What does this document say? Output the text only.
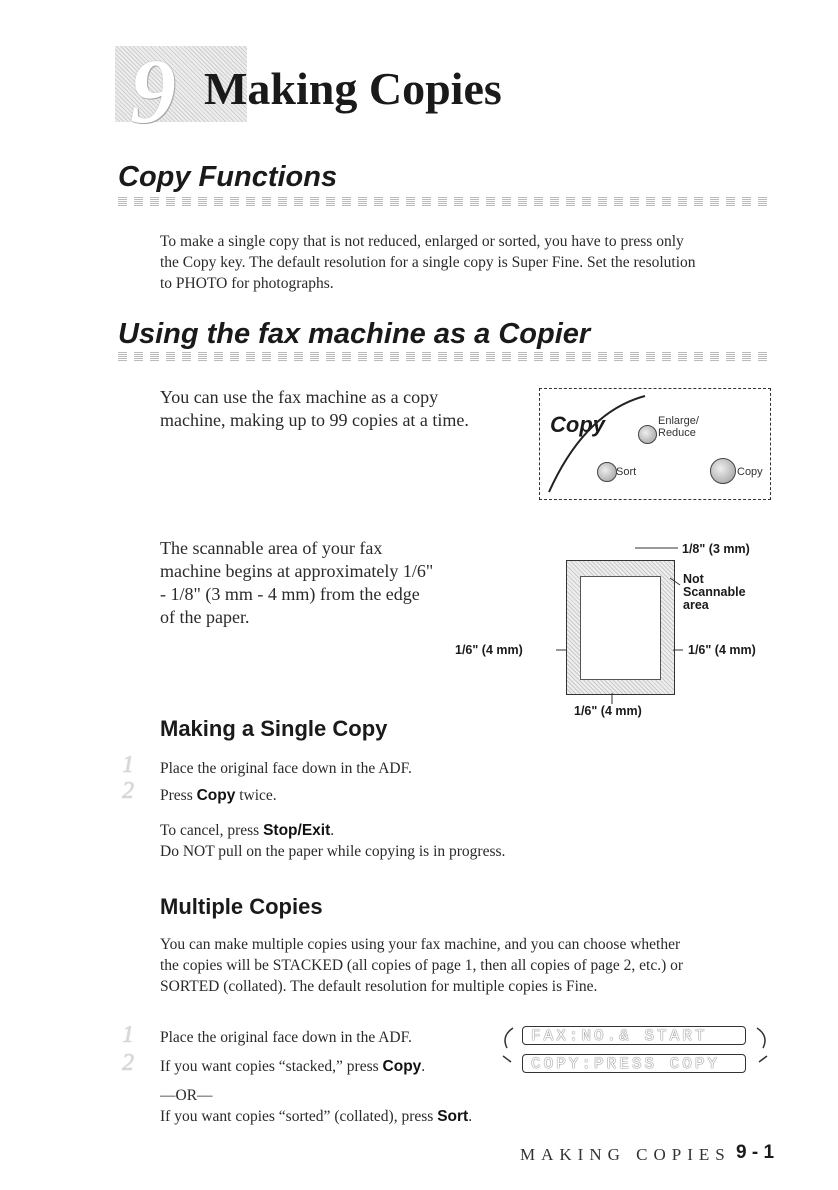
9 Making Copies
Copy Functions
To make a single copy that is not reduced, enlarged or sorted, you have to press only
the Copy key. The default resolution for a single copy is Super Fine. Set the resolution
to PHOTO for photographs.
Using the fax machine as a Copier
You can use the fax machine as a copy
machine, making up to 99 copies at a time.	Copy	Enlarge/
Reduce
Sort	Copy
The scannable area of your fax
machine begins at approximately 1/6"
- 1/8" (3 mm - 4 mm) from the edge
of the paper.
1/8" (3 mm)
Not
Scannable
area
1/6" (4 mm)	1/6" (4 mm)
1/6" (4 mm)
Making a Single Copy
1 Place the original face down in the ADF.
2 Press Copy twice.
To cancel, press Stop/Exit.
Do NOT pull on the paper while copying is in progress.
Multiple Copies
You can make multiple copies using your fax machine, and you can choose whether
the copies will be STACKED (all copies of page 1, then all copies of page 2, etc.) or
SORTED (collated). The default resolution for multiple copies is Fine.
1 Place the original face down in the ADF.
2 If you want copies “stacked,” press Copy.
—OR—
If you want copies “sorted” (collated), press Sort.
FAX:NO.& START
COPY:PRESS COPY
MAKING COPIES 9 - 1
